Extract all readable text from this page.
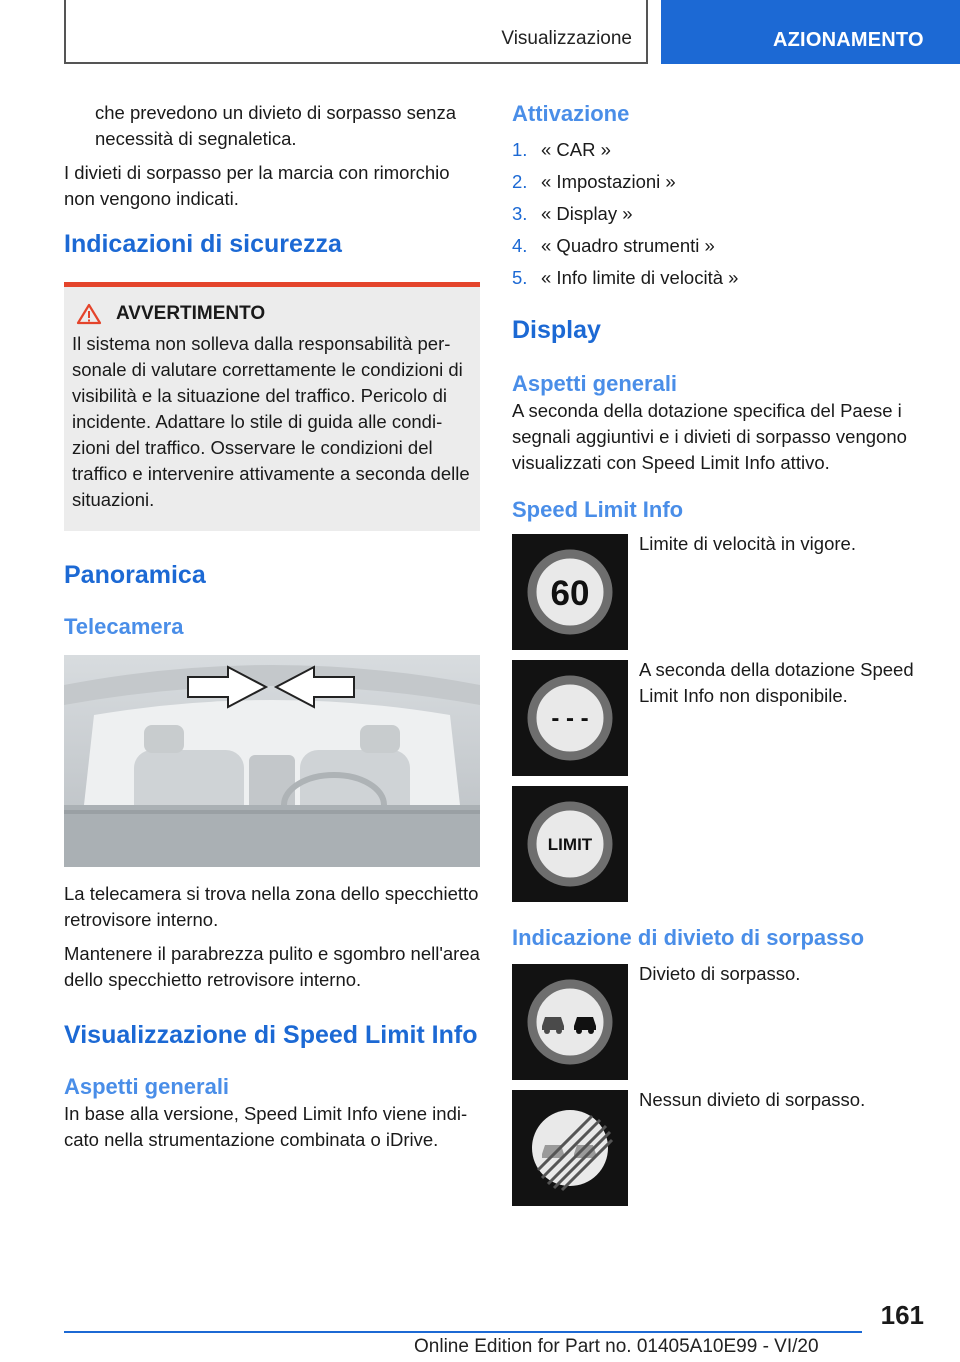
Visualizzazione	AZIONAMENTO

che prevedono un divieto di sorpasso senza necessità di segnaletica.

I divieti di sorpasso per la marcia con rimorchio non vengono indicati.

Indicazioni di sicurezza
AVVERTIMENTO
Il sistema non solleva dalla responsabilità personale di valutare correttamente le condizioni di visibilità e la situazione del traffico. Pericolo di incidente. Adattare lo stile di guida alle condizioni del traffico. Osservare le condizioni del traffico e intervenire attivamente a seconda delle situazioni.
Panoramica
Telecamera

La telecamera si trova nella zona dello specchietto retrovisore interno.

Mantenere il parabrezza pulito e sgombro nell'area dello specchietto retrovisore interno.

Visualizzazione di Speed Limit Info
Aspetti generali

In base alla versione, Speed Limit Info viene indicato nella strumentazione combinata o iDrive.

Attivazione
1. « CAR »
2. « Impostazioni »
3. « Display »
4. « Quadro strumenti »
5. « Info limite di velocità »
Display
Aspetti generali

A seconda della dotazione specifica del Paese i segnali aggiuntivi e i divieti di sorpasso vengono visualizzati con Speed Limit Info attivo.

Speed Limit Info
60
Limite di velocità in vigore.
- - -
A seconda della dotazione Speed Limit Info non disponibile.
LIMIT
Indicazione di divieto di sorpasso
Divieto di sorpasso.
Nessun divieto di sorpasso.
161
Online Edition for Part no. 01405A10E99 - VI/20
